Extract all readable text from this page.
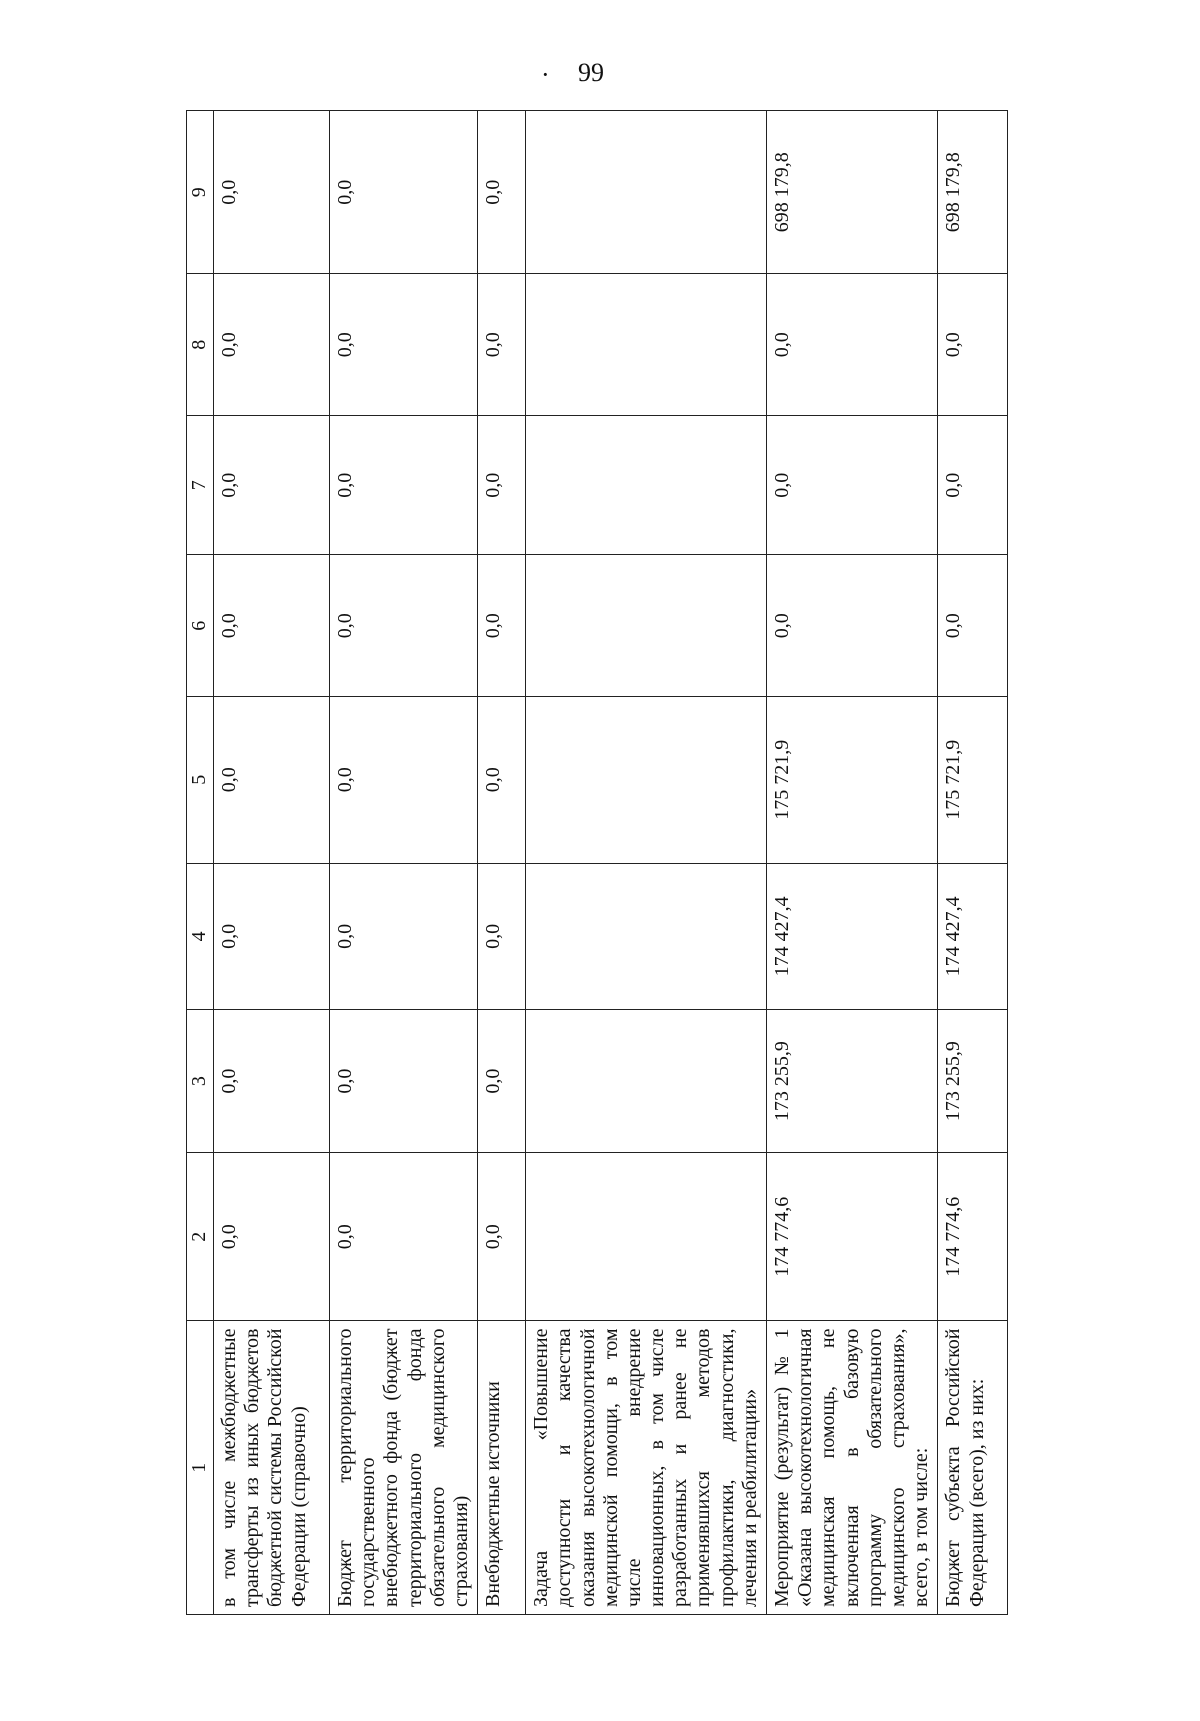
· 99
1	2	3	4	5	6	7	8	9
в том числе межбюджетные трансферты из иных бюджетов бюджетной системы Российской Федерации (справочно)	0,0	0,0	0,0	0,0	0,0	0,0	0,0	0,0
Бюджет территориального государственного внебюджетного фонда (бюджет территориального фонда обязательного медицинского страхования)	0,0	0,0	0,0	0,0	0,0	0,0	0,0	0,0
Внебюджетные источники	0,0	0,0	0,0	0,0	0,0	0,0	0,0	0,0
Задача «Повышение доступности и качества оказания высокотехнологичной медицинской помощи, в том числе внедрение инновационных, в том числе разработанных и ранее не применявшихся методов профилактики, диагностики, лечения и реабилитации»								
Мероприятие (результат) № 1 «Оказана высокотехнологичная медицинская помощь, не включенная в базовую программу обязательного медицинского страхования», всего, в том числе:	174 774,6	173 255,9	174 427,4	175 721,9	0,0	0,0	0,0	698 179,8
Бюджет субъекта Российской Федерации (всего), из них:	174 774,6	173 255,9	174 427,4	175 721,9	0,0	0,0	0,0	698 179,8
